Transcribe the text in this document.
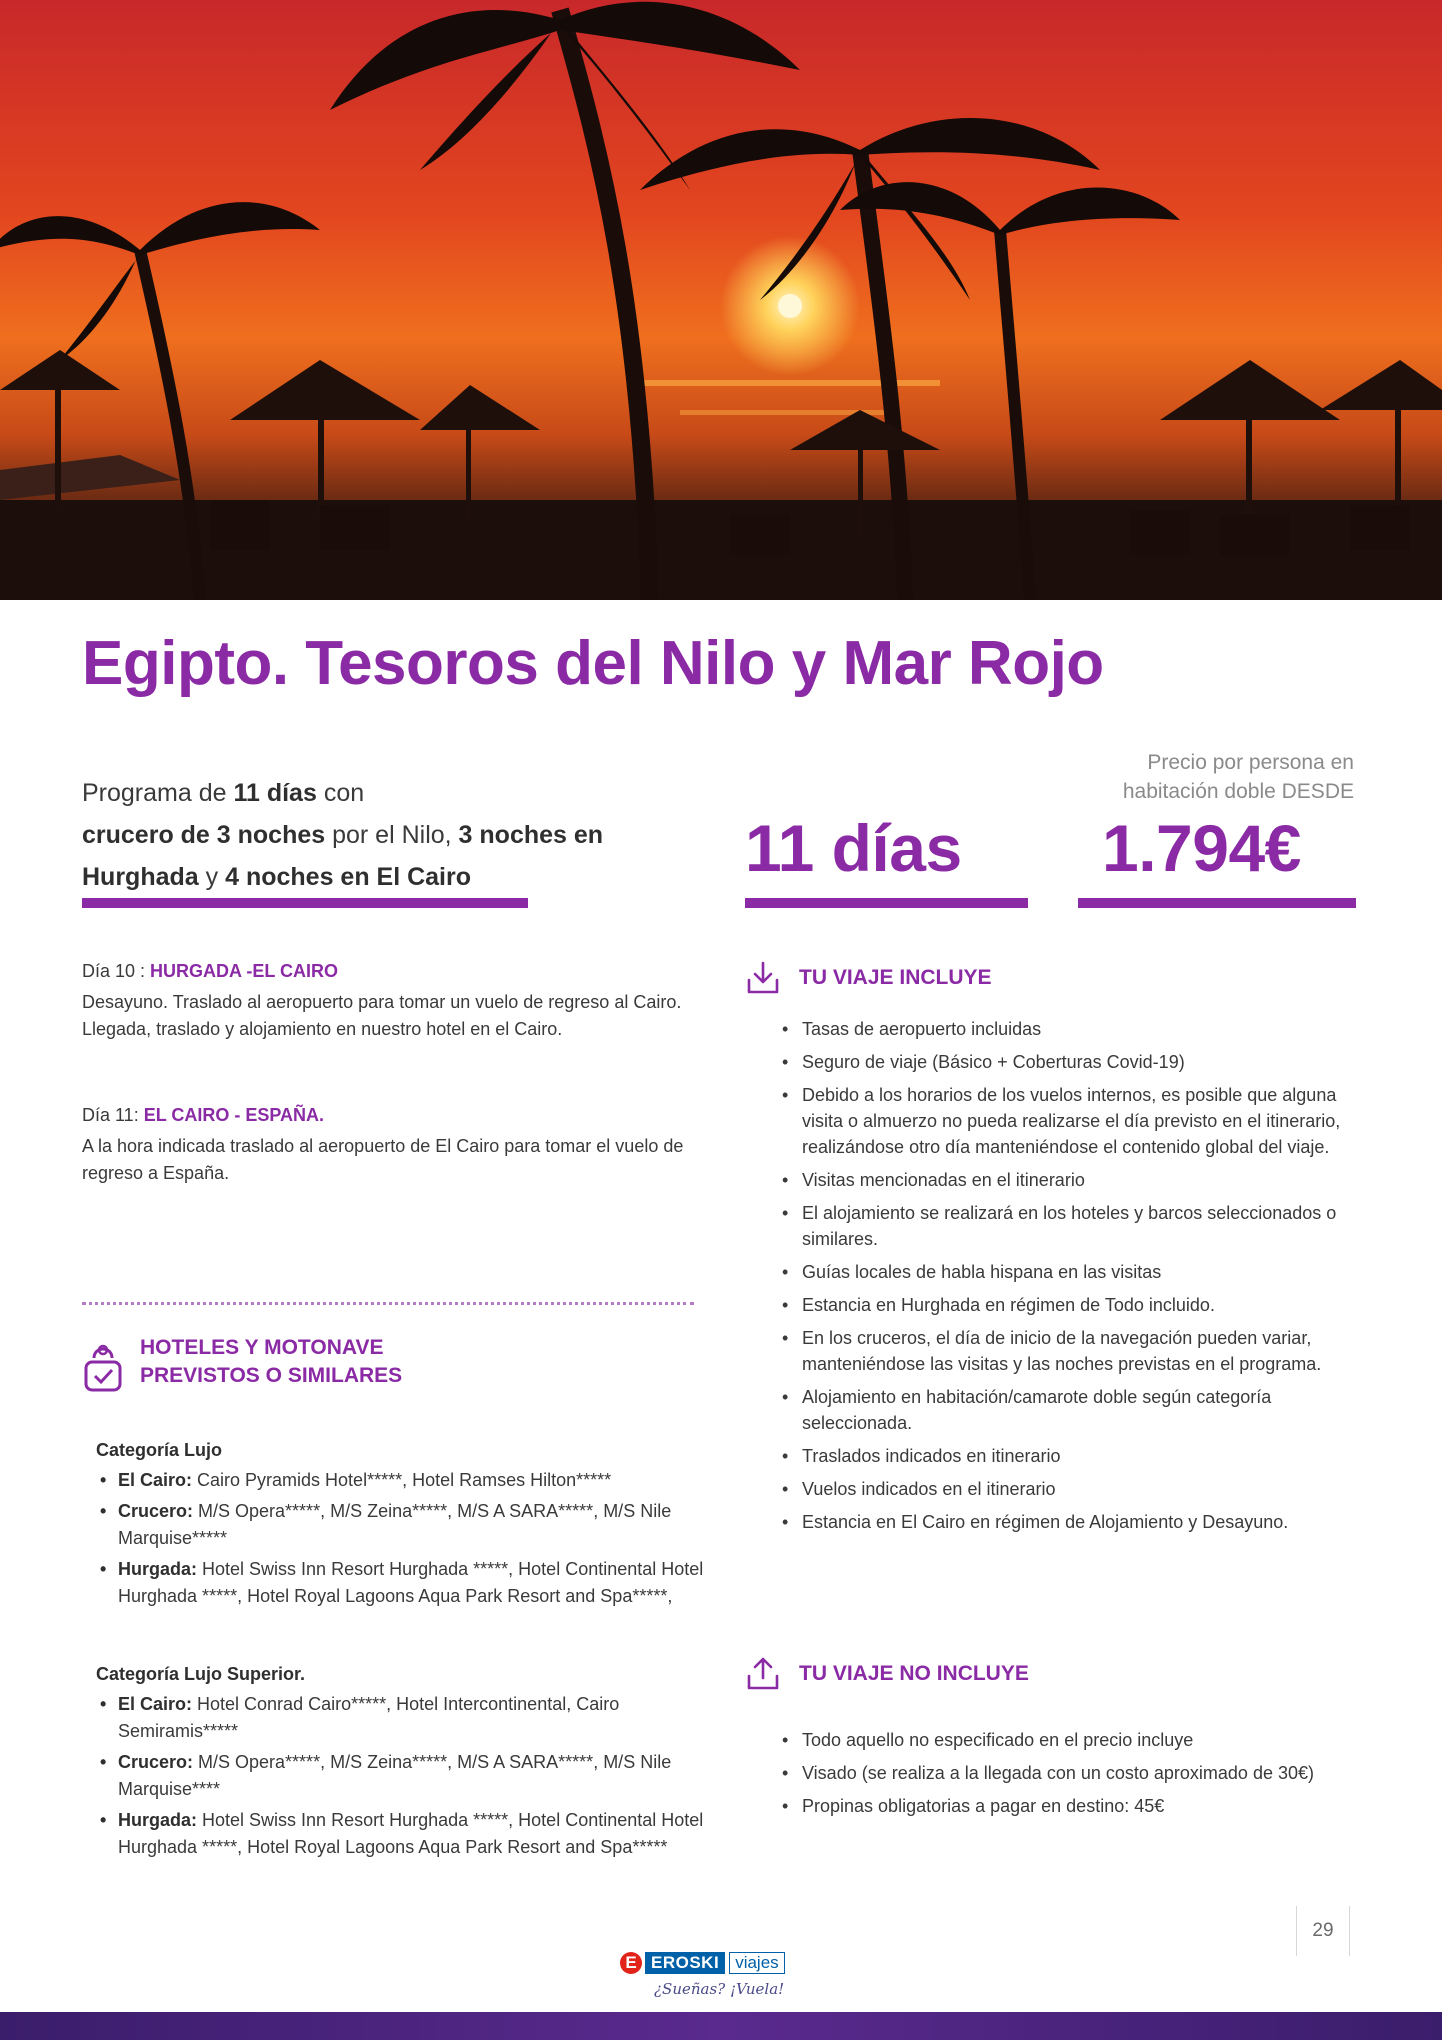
Egipto. Tesoros del Nilo y Mar Rojo
Programa de 11 días con
crucero de 3 noches por el Nilo, 3 noches en Hurghada y 4 noches en El Cairo	11 días
Precio por persona en
habitación doble DESDE
1.794€
Día 10 : HURGADA -EL CAIRO
Desayuno. Traslado al aeropuerto para tomar un vuelo de regreso al Cairo. Llegada, traslado y alojamiento en nuestro hotel en el Cairo.
Día 11: EL CAIRO - ESPAÑA.
A la hora indicada traslado al aeropuerto de El Cairo para tomar el vuelo de regreso a España.
HOTELES Y MOTONAVE
PREVISTOS O SIMILARES
Categoría Lujo
• El Cairo: Cairo Pyramids Hotel*****, Hotel Ramses Hilton*****
• Crucero: M/S Opera*****, M/S Zeina*****, M/S A SARA*****, M/S Nile Marquise*****
• Hurgada: Hotel Swiss Inn Resort Hurghada *****, Hotel Continental Hotel Hurghada *****, Hotel Royal Lagoons Aqua Park Resort and Spa*****,
Categoría Lujo Superior.
• El Cairo: Hotel Conrad Cairo*****, Hotel Intercontinental, Cairo Semiramis*****
• Crucero: M/S Opera*****, M/S Zeina*****, M/S A SARA*****, M/S Nile Marquise****
• Hurgada: Hotel Swiss Inn Resort Hurghada *****, Hotel Continental Hotel Hurghada *****, Hotel Royal Lagoons Aqua Park Resort and Spa*****
TU VIAJE INCLUYE
• Tasas de aeropuerto incluidas
• Seguro de viaje (Básico + Coberturas Covid-19)
• Debido a los horarios de los vuelos internos, es posible que alguna visita o almuerzo no pueda realizarse el día previsto en el itinerario, realizándose otro día manteniéndose el contenido global del viaje.
• Visitas mencionadas en el itinerario
• El alojamiento se realizará en los hoteles y barcos seleccionados o similares.
• Guías locales de habla hispana en las visitas
• Estancia en Hurghada en régimen de Todo incluido.
• En los cruceros, el día de inicio de la navegación pueden variar, manteniéndose las visitas y las noches previstas en el programa.
• Alojamiento en habitación/camarote doble según categoría seleccionada.
• Traslados indicados en itinerario
• Vuelos indicados en el itinerario
• Estancia en El Cairo en régimen de Alojamiento y Desayuno.
TU VIAJE NO INCLUYE
• Todo aquello no especificado en el precio incluye
• Visado (se realiza a la llegada con un costo aproximado de 30€)
• Propinas obligatorias a pagar en destino: 45€
E EROSKI viajes
¿Sueñas? ¡Vuela!
29
